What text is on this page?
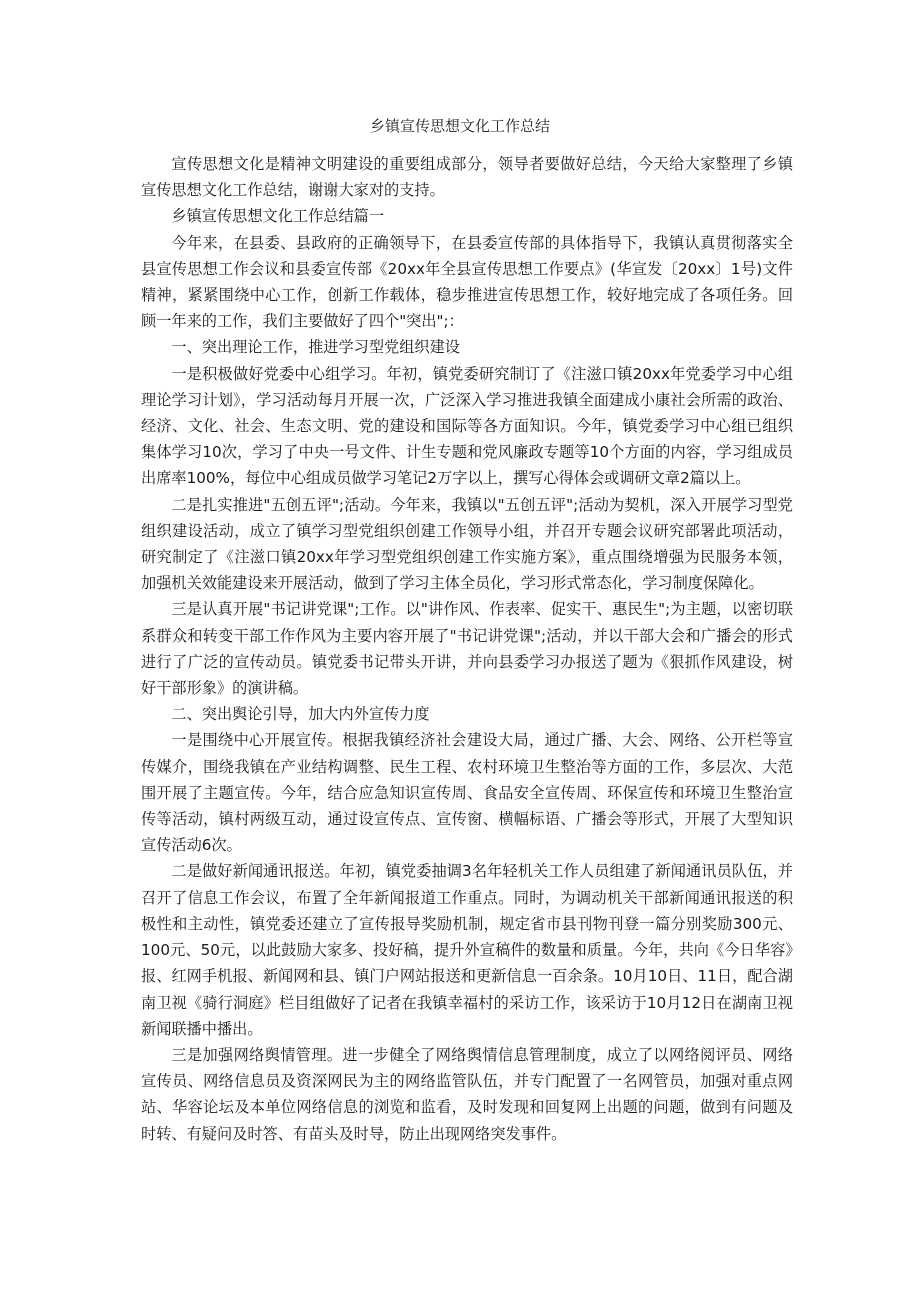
乡镇宣传思想文化工作总结

宣传思想文化是精神文明建设的重要组成部分，领导者要做好总结，今天给大家整理了乡镇宣传思想文化工作总结，谢谢大家对的支持。

乡镇宣传思想文化工作总结篇一

今年来，在县委、县政府的正确领导下，在县委宣传部的具体指导下，我镇认真贯彻落实全县宣传思想工作会议和县委宣传部《20xx年全县宣传思想工作要点》(华宣发〔20xx〕1号)文件精神，紧紧围绕中心工作，创新工作载体，稳步推进宣传思想工作，较好地完成了各项任务。回顾一年来的工作，我们主要做好了四个"突出";：

一、突出理论工作，推进学习型党组织建设

一是积极做好党委中心组学习。年初，镇党委研究制订了《注滋口镇20xx年党委学习中心组理论学习计划》，学习活动每月开展一次，广泛深入学习推进我镇全面建成小康社会所需的政治、经济、文化、社会、生态文明、党的建设和国际等各方面知识。今年，镇党委学习中心组已组织集体学习10次，学习了中央一号文件、计生专题和党风廉政专题等10个方面的内容，学习组成员出席率100%，每位中心组成员做学习笔记2万字以上，撰写心得体会或调研文章2篇以上。

二是扎实推进"五创五评";活动。今年来，我镇以"五创五评";活动为契机，深入开展学习型党组织建设活动，成立了镇学习型党组织创建工作领导小组，并召开专题会议研究部署此项活动，研究制定了《注滋口镇20xx年学习型党组织创建工作实施方案》，重点围绕增强为民服务本领，加强机关效能建设来开展活动，做到了学习主体全员化，学习形式常态化，学习制度保障化。

三是认真开展"书记讲党课";工作。以"讲作风、作表率、促实干、惠民生";为主题，以密切联系群众和转变干部工作作风为主要内容开展了"书记讲党课";活动，并以干部大会和广播会的形式进行了广泛的宣传动员。镇党委书记带头开讲，并向县委学习办报送了题为《狠抓作风建设，树好干部形象》的演讲稿。

二、突出舆论引导，加大内外宣传力度

一是围绕中心开展宣传。根据我镇经济社会建设大局，通过广播、大会、网络、公开栏等宣传媒介，围绕我镇在产业结构调整、民生工程、农村环境卫生整治等方面的工作，多层次、大范围开展了主题宣传。今年，结合应急知识宣传周、食品安全宣传周、环保宣传和环境卫生整治宣传等活动，镇村两级互动，通过设宣传点、宣传窗、横幅标语、广播会等形式，开展了大型知识宣传活动6次。

二是做好新闻通讯报送。年初，镇党委抽调3名年轻机关工作人员组建了新闻通讯员队伍，并召开了信息工作会议，布置了全年新闻报道工作重点。同时，为调动机关干部新闻通讯报送的积极性和主动性，镇党委还建立了宣传报导奖励机制，规定省市县刊物刊登一篇分别奖励300元、100元、50元，以此鼓励大家多、投好稿，提升外宣稿件的数量和质量。今年，共向《今日华容》报、红网手机报、新闻网和县、镇门户网站报送和更新信息一百余条。10月10日、11日，配合湖南卫视《骑行洞庭》栏目组做好了记者在我镇幸福村的采访工作，该采访于10月12日在湖南卫视新闻联播中播出。

三是加强网络舆情管理。进一步健全了网络舆情信息管理制度，成立了以网络阅评员、网络宣传员、网络信息员及资深网民为主的网络监管队伍，并专门配置了一名网管员，加强对重点网站、华容论坛及本单位网络信息的浏览和监看，及时发现和回复网上出题的问题，做到有问题及时转、有疑问及时答、有苗头及时导，防止出现网络突发事件。
